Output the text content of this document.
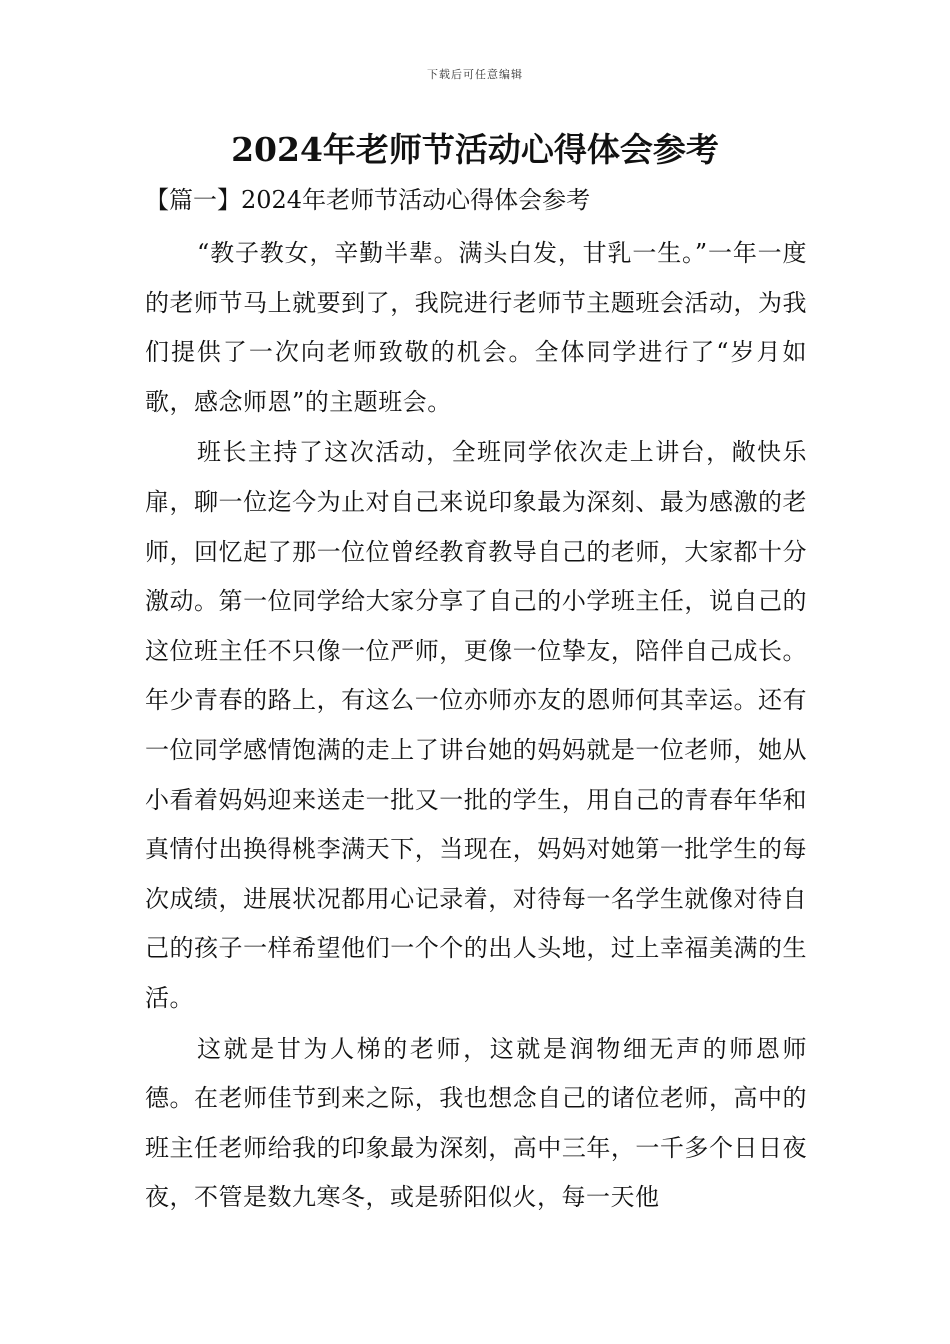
下载后可任意编辑
2024年老师节活动心得体会参考
【篇一】2024年老师节活动心得体会参考

“教子教女，辛勤半辈。满头白发，甘乳一生。”一年一度的老师节马上就要到了，我院进行老师节主题班会活动，为我们提供了一次向老师致敬的机会。全体同学进行了“岁月如歌，感念师恩”的主题班会。

班长主持了这次活动，全班同学依次走上讲台，敞快乐扉，聊一位迄今为止对自己来说印象最为深刻、最为感激的老师，回忆起了那一位位曾经教育教导自己的老师，大家都十分激动。第一位同学给大家分享了自己的小学班主任，说自己的这位班主任不只像一位严师，更像一位挚友，陪伴自己成长。年少青春的路上，有这么一位亦师亦友的恩师何其幸运。还有一位同学感情饱满的走上了讲台她的妈妈就是一位老师，她从小看着妈妈迎来送走一批又一批的学生，用自己的青春年华和真情付出换得桃李满天下，当现在，妈妈对她第一批学生的每次成绩，进展状况都用心记录着，对待每一名学生就像对待自己的孩子一样希望他们一个个的出人头地，过上幸福美满的生活。

这就是甘为人梯的老师，这就是润物细无声的师恩师德。在老师佳节到来之际，我也想念自己的诸位老师，高中的班主任老师给我的印象最为深刻，高中三年，一千多个日日夜夜，不管是数九寒冬，或是骄阳似火，每一天他
